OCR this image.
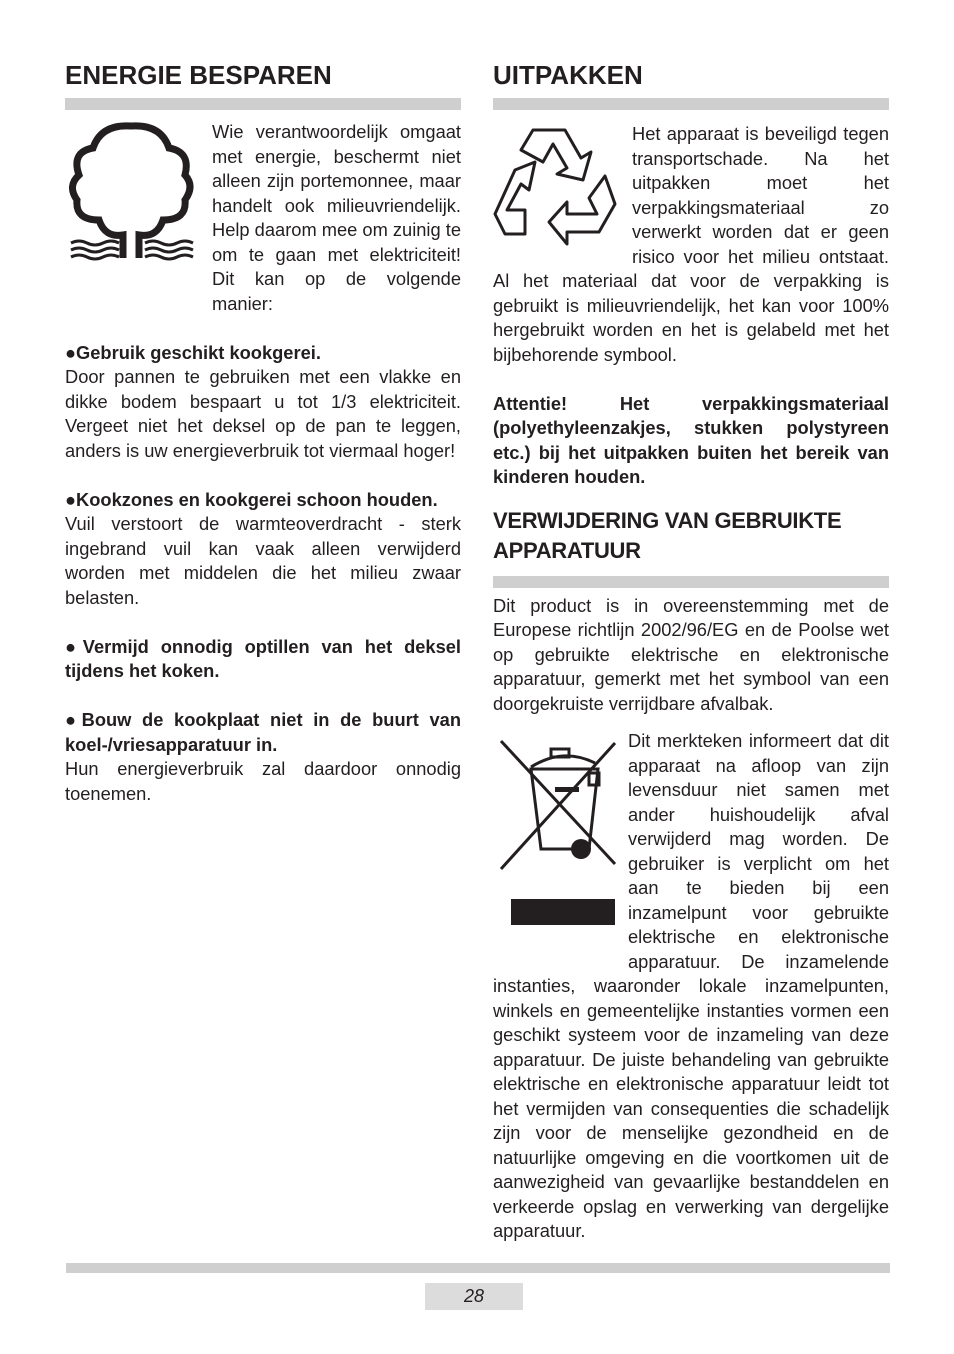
ENERGIE BESPAREN

Wie verantwoordelijk omgaat met energie, beschermt niet alleen zijn portemonnee, maar handelt ook milieuvriendelijk. Help daarom mee om zuinig te om te gaan met elektriciteit! Dit kan op de volgende manier:

●Gebruik geschikt kookgerei.
Door pannen te gebruiken met een vlakke en dikke bodem bespaart u tot 1/3 elektriciteit. Vergeet niet het deksel op de pan te leggen, anders is uw energieverbruik tot viermaal hoger!

●Kookzones en kookgerei schoon houden.
Vuil verstoort de warmteoverdracht - sterk ingebrand vuil kan vaak alleen verwijderd worden met middelen die het milieu zwaar belasten.

●Vermijd onnodig optillen van het deksel tijdens het koken.

●Bouw de kookplaat niet in de buurt van koel-/vriesapparatuur in.
Hun energieverbruik zal daardoor onnodig toenemen.

UITPAKKEN

Het apparaat is beveiligd tegen transportschade. Na het uitpakken moet het verpakkingsmateriaal zo verwerkt worden dat er geen risico voor het milieu ontstaat. Al het materiaal dat voor de verpakking is gebruikt is milieuvriendelijk, het kan voor 100% hergebruikt worden en het is gelabeld met het bijbehorende symbool.

Attentie! Het verpakkingsmateriaal (polyethyleenzakjes, stukken polystyreen etc.) bij het uitpakken buiten het bereik van kinderen houden.

VERWIJDERING VAN GEBRUIKTE APPARATUUR

Dit product is in overeenstemming met de Europese richtlijn 2002/96/EG en de Poolse wet op gebruikte elektrische en elektronische apparatuur, gemerkt met het symbool van een doorgekruiste verrijdbare afvalbak.

Dit merkteken informeert dat dit apparaat na afloop van zijn levensduur niet samen met ander huishoudelijk afval verwijderd mag worden. De gebruiker is verplicht om het aan te bieden bij een inzamelpunt voor gebruikte elektrische en elektronische apparatuur. De inzamelende instanties, waaronder lokale inzamelpunten, winkels en gemeentelijke instanties vormen een geschikt systeem voor de inzameling van deze apparatuur. De juiste behandeling van gebruikte elektrische en elektronische apparatuur leidt tot het vermijden van consequenties die schadelijk zijn voor de menselijke gezondheid en de natuurlijke omgeving en die voortkomen uit de aanwezigheid van gevaarlijke bestanddelen en verkeerde opslag en verwerking van dergelijke apparatuur.

28
